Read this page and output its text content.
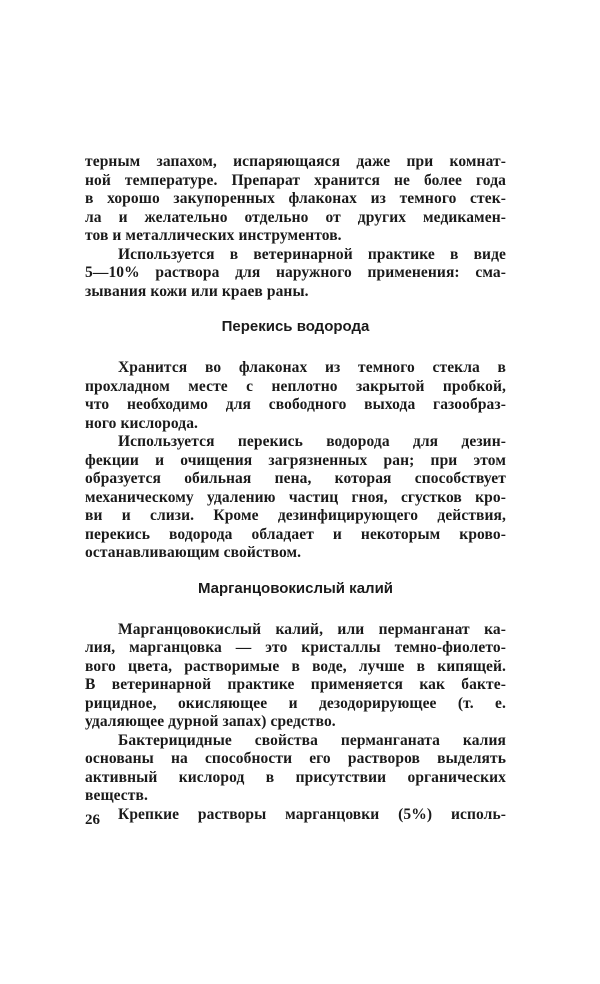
терным запахом, испаряющаяся даже при комнат-
ной температуре. Препарат хранится не более года
в хорошо закупоренных флаконах из темного стек-
ла и желательно отдельно от других медикамен-
тов и металлических инструментов.
Используется в ветеринарной практике в виде
5—10% раствора для наружного применения: сма-
зывания кожи или краев раны.
Перекись водорода
Хранится во флаконах из темного стекла в
прохладном месте с неплотно закрытой пробкой,
что необходимо для свободного выхода газообраз-
ного кислорода.
Используется перекись водорода для дезин-
фекции и очищения загрязненных ран; при этом
образуется обильная пена, которая способствует
механическому удалению частиц гноя, сгустков кро-
ви и слизи. Кроме дезинфицирующего действия,
перекись водорода обладает и некоторым крово-
останавливающим свойством.
Марганцовокислый калий
Марганцовокислый калий, или перманганат ка-
лия, марганцовка — это кристаллы темно-фиолето-
вого цвета, растворимые в воде, лучше в кипящей.
В ветеринарной практике применяется как бакте-
рицидное, окисляющее и дезодорирующее (т. е.
удаляющее дурной запах) средство.
Бактерицидные свойства перманганата калия
основаны на способности его растворов выделять
активный кислород в присутствии органических
веществ.
Крепкие растворы марганцовки (5%) исполь-
26
